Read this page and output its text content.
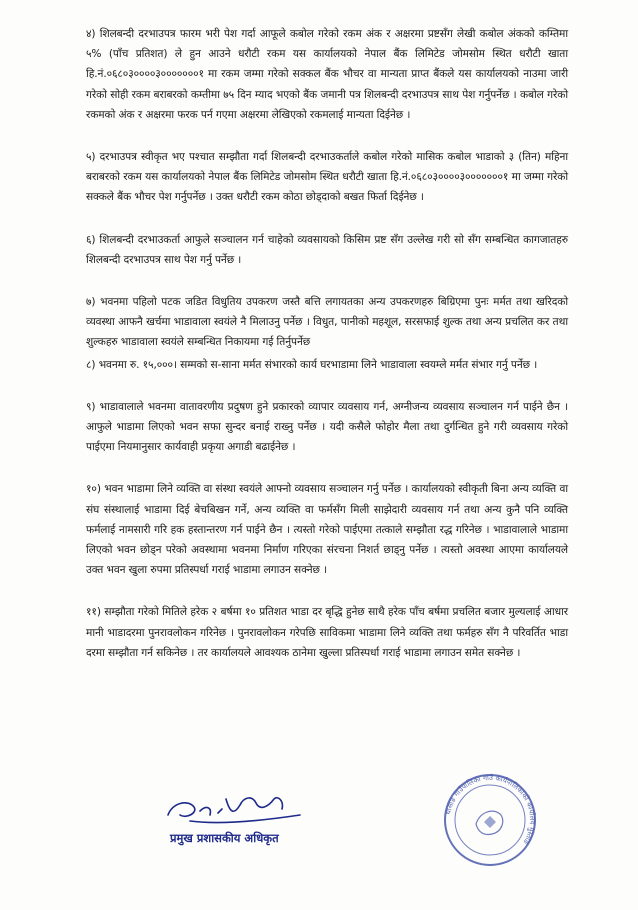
४) शिलबन्दी दरभाउपत्र फारम भरी पेश गर्दा आफूले कबोल गरेको रकम अंक र अक्षरमा प्रष्टसँग लेखी कबोल अंकको कम्तिमा ५% (पाँच प्रतिशत) ले हुन आउने धरौटी रकम यस कार्यालयको नेपाल बैंक लिमिटेड जोमसोम स्थित धरौटी खाता हि.नं.०६८०३००००३०००००००१ मा रकम जम्मा गरेको सक्कल बैंक भौचर वा मान्यता प्राप्त बैंकले यस कार्यालयको नाउमा जारी गरेको सोही रकम बराबरको कम्तीमा ७५ दिन म्याद भएको बैंक जमानी पत्र शिलबन्दी दरभाउपत्र साथ पेश गर्नुपर्नेछ । कबोल गरेको रकमको अंक र अक्षरमा फरक पर्न गएमा अक्षरमा लेखिएको रकमलाई मान्यता दिईनेछ ।

५) दरभाउपत्र स्वीकृत भए पश्चात सम्झौता गर्दा शिलबन्दी दरभाउकर्ताले कबोल गरेको मासिक कबोल भाडाको ३ (तिन) महिना बराबरको रकम यस कार्यालयको नेपाल बैंक लिमिटेड जोमसोम स्थित धरौटी खाता हि.नं.०६८०३००००३०००००००१ मा जम्मा गरेको सक्कले बैंक भौचर पेश गर्नुपर्नेछ । उक्त धरौटी रकम कोठा छोड्दाको बखत फिर्ता दिईनेछ ।

६) शिलबन्दी दरभाउकर्ता आफुले सञ्चालन गर्न चाहेको व्यवसायको किसिम प्रष्ट सँग उल्लेख गरी सो सँग सम्बन्धित कागजातहरु शिलबन्दी दरभाउपत्र साथ पेश गर्नु पर्नेछ ।

७) भवनमा पहिलो पटक जडित विधुतिय उपकरण जस्तै बत्ति लगायतका अन्य उपकरणहरु बिग्रिएमा पुनः मर्मत तथा खरिदको व्यवस्था आफनै खर्चमा भाडावाला स्वयंले नै मिलाउनु पर्नेछ । विधुत, पानीको महशूल, सरसफाई शुल्क तथा अन्य प्रचलित कर तथा शुल्कहरु भाडावाला स्वयंले सम्बन्धित निकायमा गई तिर्नुपर्नेछ

८) भवनमा रु. १५,०००। सम्मको स-साना मर्मत संभारको कार्य घरभाडामा लिने भाडावाला स्वयम्ले मर्मत संभार गर्नु पर्नेछ ।

९) भाडावालाले भवनमा वातावरणीय प्रदुषण हुने प्रकारको व्यापार व्यवसाय गर्न, अग्नीजन्य व्यवसाय सञ्चालन गर्न पाईने छैन । आफुले भाडामा लिएको भवन सफा सुन्दर बनाई राख्नु पर्नेछ । यदी कसैले फोहोर मैला तथा दुर्गन्धित हुने गरी व्यवसाय गरेको पाईएमा नियमानुसार कार्यवाही प्रकृया अगाडी बढाईनेछ ।

१०) भवन भाडामा लिने व्यक्ति वा संस्था स्वयंले आफ्नो व्यवसाय सञ्चालन गर्नु पर्नेछ । कार्यालयको स्वीकृती बिना अन्य व्यक्ति वा संघ संस्थालाई भाडामा दिई बेचबिखन गर्ने, अन्य व्यक्ति वा फर्मसँग मिली साझेदारी व्यवसाय गर्न तथा अन्य कुनै पनि व्यक्ति फर्मलाई नामसारी गरि हक हस्तान्तरण गर्न पाईने छैन । त्यस्तो गरेको पाईएमा तत्काले सम्झौता रद्ध गरिनेछ । भाडावालाले भाडामा लिएको भवन छोड्न परेको अवस्थामा भवनमा निर्माण गरिएका संरचना निशर्त छाड्नु पर्नेछ । त्यस्तो अवस्था आएमा कार्यालयले उक्त भवन खुला रुपमा प्रतिस्पर्धा गराई भाडामा लगाउन सक्नेछ ।

११) सम्झौता गरेको मितिले हरेक २ बर्षमा १० प्रतिशत भाडा दर बृद्धि हुनेछ साथै हरेक पाँच बर्षमा प्रचलित बजार मुल्यलाई आधार मानी भाडादरमा पुनरावलोकन गरिनेछ । पुनरावलोकन गरेपछि साविकमा भाडामा लिने व्यक्ति तथा फर्महरु सँग नै परिवर्तित भाडा दरमा सम्झौता गर्न सकिनेछ । तर कार्यालयले आवश्यक ठानेमा खुल्ला प्रतिस्पर्धा गराई भाडामा लगाउन समेत सक्नेछ ।

प्रमुख प्रशासकीय अधिकृत
थासाङ गाउँपालिका गाउँ कार्यपालिकाको कार्यालय मुस्ताङ
